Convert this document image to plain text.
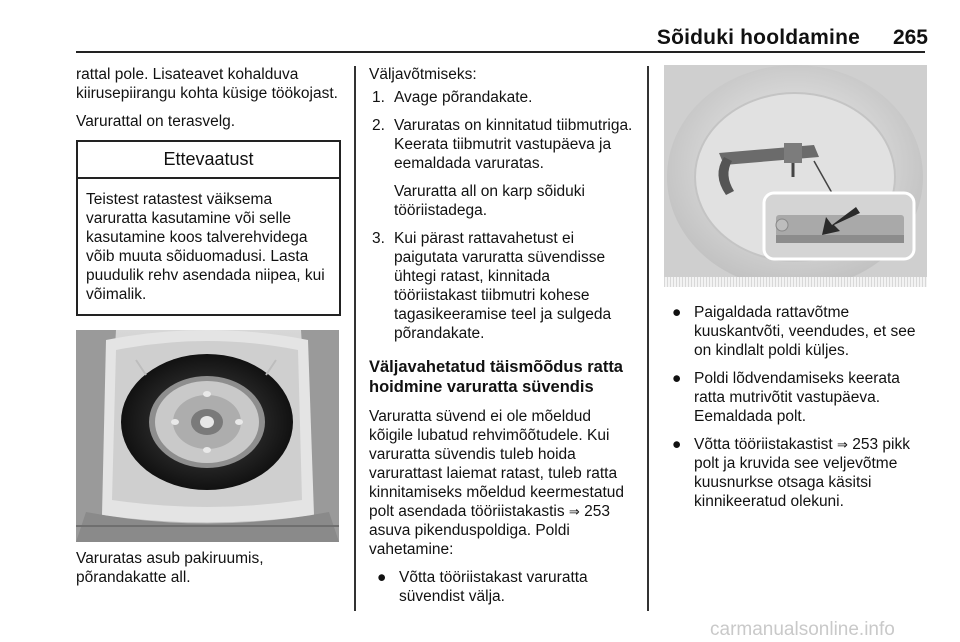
Sõiduki hooldamine	265

rattal pole. Lisateavet kohalduva kiirusepiirangu kohta küsige töökojast.

Varurattal on terasvelg.

Ettevaatust
Teistest ratastest väiksema varuratta kasutamine või selle kasutamine koos talverehvidega võib muuta sõiduomadusi. Lasta puudulik rehv asendada niipea, kui võimalik.
Varuratas asub pakiruumis, põrandakatte all.

Väljavõtmiseks:

1. Avage põrandakate.
2. Varuratas on kinnitatud tiibmutriga. Keerata tiibmutrit vastupäeva ja eemaldada varuratas.
Varuratta all on karp sõiduki tööriistadega.
3. Kui pärast rattavahetust ei paigutata varuratta süvendisse ühtegi ratast, kinnitada tööriistakast tiibmutri kohese tagasikeeramise teel ja sulgeda põrandakate.
Väljavahetatud täismõõdus ratta hoidmine varuratta süvendis

Varuratta süvend ei ole mõeldud kõigile lubatud rehvimõõtudele. Kui varuratta süvendis tuleb hoida varurattast laiemat ratast, tuleb ratta kinnitamiseks mõeldud keermestatud polt asendada tööriistakastis ⇒ 253 asuva pikenduspoldiga. Poldi vahetamine:

● Võtta tööriistakast varuratta süvendist välja.
● Paigaldada rattavõtme kuuskantvõti, veendudes, et see on kindlalt poldi küljes.
● Poldi lõdvendamiseks keerata ratta mutrivõtit vastupäeva. Eemaldada polt.
● Võtta tööriistakastist ⇒ 253 pikk polt ja kruvida see veljevõtme kuusnurkse otsaga käsitsi kinnikeeratud olekuni.
carmanualsonline.info
